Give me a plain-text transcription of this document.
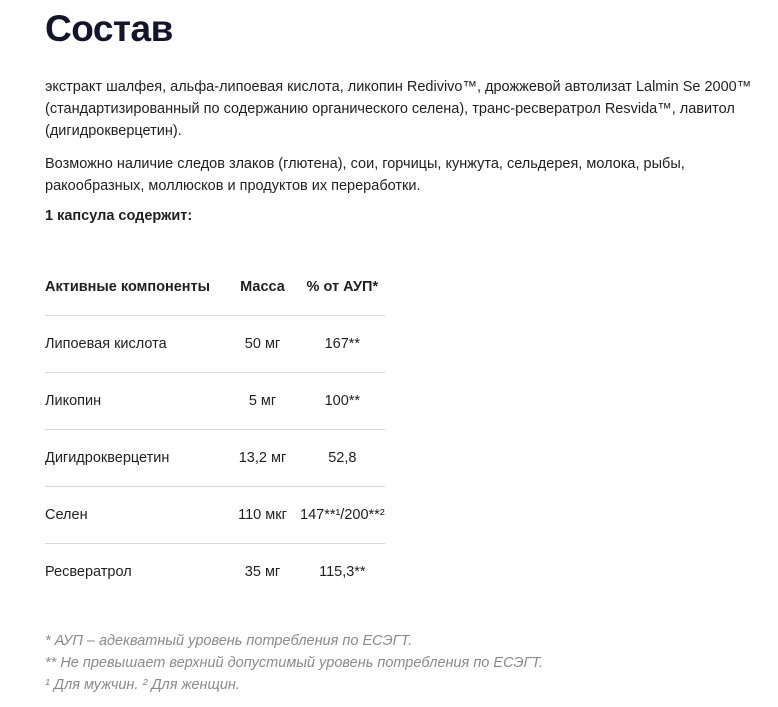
Состав

экстракт шалфея, альфа-липоевая кислота, ликопин Redivivo™, дрожжевой автолизат Lalmin Se 2000™ (стандартизированный по содержанию органического селена), транс-ресвератрол Resvida™, лавитол (дигидрокверцетин).

Возможно наличие следов злаков (глютена), сои, горчицы, кунжута, сельдерея, молока, рыбы, ракообразных, моллюсков и продуктов их переработки.

1 капсула содержит:
Активные компоненты	Масса	% от АУП*
Липоевая кислота	50 мг	167**
Ликопин	5 мг	100**
Дигидрокверцетин	13,2 мг	52,8
Селен	110 мкг	147**¹/200**²
Ресвератрол	35 мг	115,3**
* АУП – адекватный уровень потребления по ЕСЭГТ.
** Не превышает верхний допустимый уровень потребления по ЕСЭГТ.
¹ Для мужчин. ² Для женщин.
